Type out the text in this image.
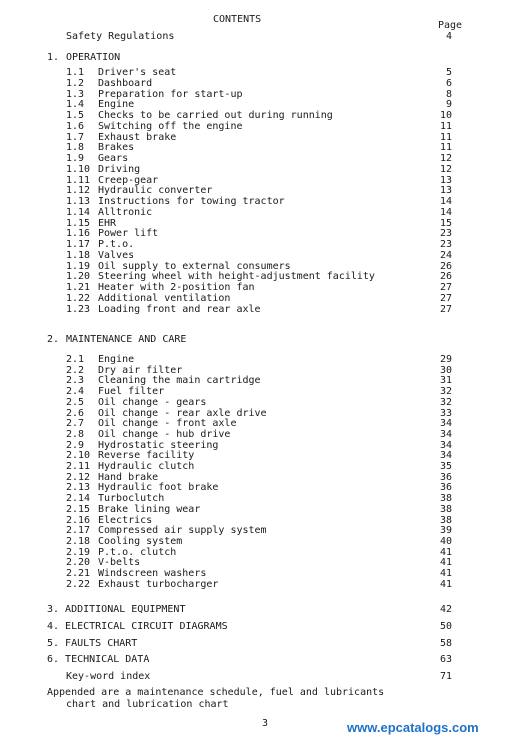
CONTENTS
Page
Safety Regulations	4
1. OPERATION
1.1 Driver's seat	5
1.2 Dashboard	6
1.3 Preparation for start-up	8
1.4 Engine	9
1.5 Checks to be carried out during running	10
1.6 Switching off the engine	11
1.7 Exhaust brake	11
1.8 Brakes	11
1.9 Gears	12
1.10 Driving	12
1.11 Creep-gear	13
1.12 Hydraulic converter	13
1.13 Instructions for towing tractor	14
1.14 Alltronic	14
1.15 EHR	15
1.16 Power lift	23
1.17 P.t.o.	23
1.18 Valves	24
1.19 Oil supply to external consumers	26
1.20 Steering wheel with height-adjustment facility	26
1.21 Heater with 2-position fan	27
1.22 Additional ventilation	27
1.23 Loading front and rear axle	27
2. MAINTENANCE AND CARE
2.1 Engine	29
2.2 Dry air filter	30
2.3 Cleaning the main cartridge	31
2.4 Fuel filter	32
2.5 Oil change - gears	32
2.6 Oil change - rear axle drive	33
2.7 Oil change - front axle	34
2.8 Oil change - hub drive	34
2.9 Hydrostatic steering	34
2.10 Reverse facility	34
2.11 Hydraulic clutch	35
2.12 Hand brake	36
2.13 Hydraulic foot brake	36
2.14 Turboclutch	38
2.15 Brake lining wear	38
2.16 Electrics	38
2.17 Compressed air supply system	39
2.18 Cooling system	40
2.19 P.t.o. clutch	41
2.20 V-belts	41
2.21 Windscreen washers	41
2.22 Exhaust turbocharger	41
3. ADDITIONAL EQUIPMENT	42
4. ELECTRICAL CIRCUIT DIAGRAMS	50
5. FAULTS CHART	58
6. TECHNICAL DATA	63
Key-word index	71
Appended are a maintenance schedule, fuel and lubricants
chart and lubrication chart
3	www.epcatalogs.com
